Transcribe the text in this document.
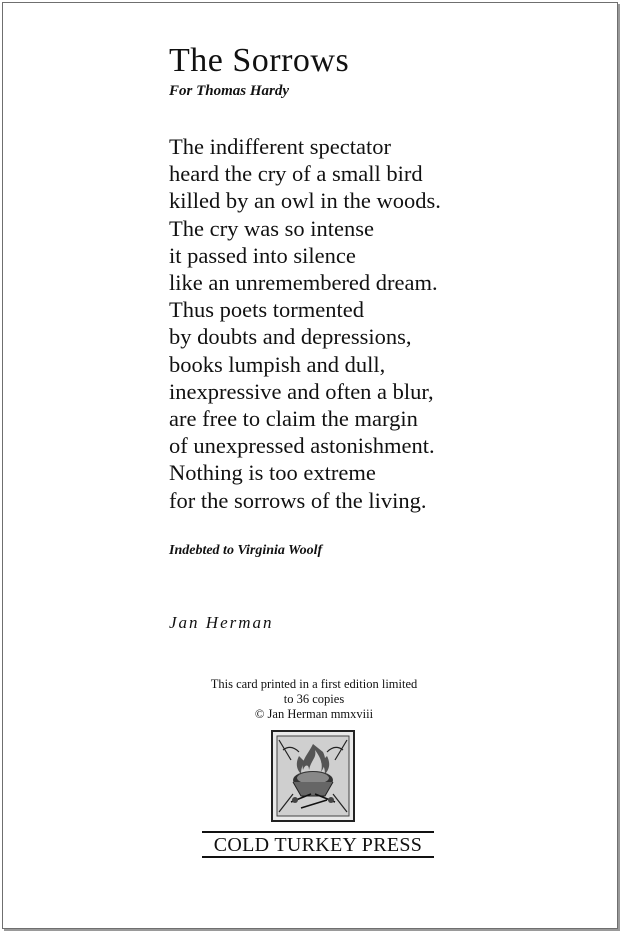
The Sorrows
For Thomas Hardy
The indifferent spectator
heard the cry of a small bird
killed by an owl in the woods.
The cry was so intense
it passed into silence
like an unremembered dream.
Thus poets tormented
by doubts and depressions,
books lumpish and dull,
inexpressive and often a blur,
are free to claim the margin
of unexpressed astonishment.
Nothing is too extreme
for the sorrows of the living.
Indebted to Virginia Woolf
Jan Herman
This card printed in a first edition limited
to 36 copies
© Jan Herman mmxviii
COLD TURKEY PRESS
